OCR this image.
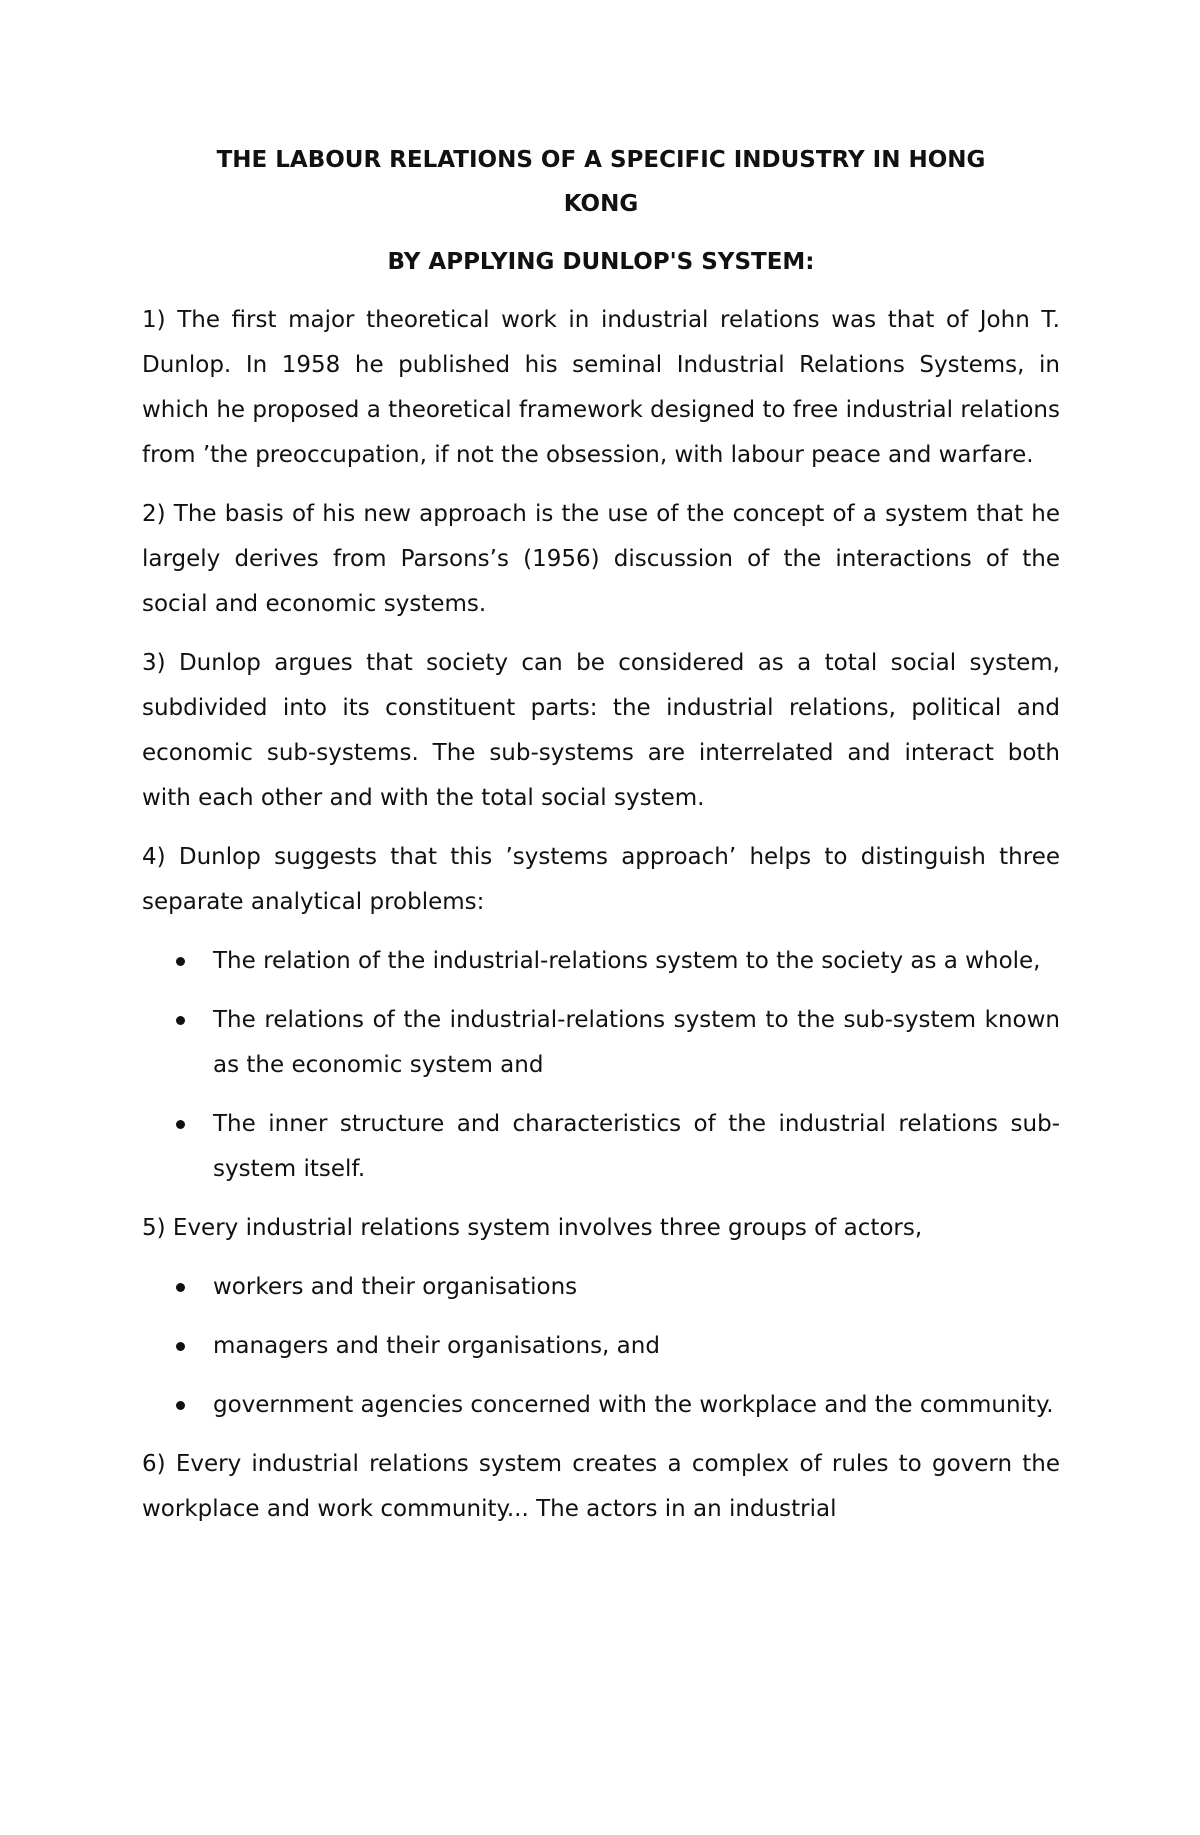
THE LABOUR RELATIONS OF A SPECIFIC INDUSTRY IN HONG
KONG

BY APPLYING DUNLOP'S SYSTEM:

1) The first major theoretical work in industrial relations was that of John T. Dunlop. In 1958 he published his seminal Industrial Relations Systems, in which he proposed a theoretical framework designed to free industrial relations from ’the preoccupation, if not the obsession, with labour peace and warfare.

2) The basis of his new approach is the use of the concept of a system that he largely derives from Parsons’s (1956) discussion of the interactions of the social and economic systems.

3) Dunlop argues that society can be considered as a total social system, subdivided into its constituent parts: the industrial relations, political and economic sub-systems. The sub-systems are interrelated and interact both with each other and with the total social system.

4) Dunlop suggests that this ’systems approach’ helps to distinguish three separate analytical problems:

The relation of the industrial-relations system to the society as a whole,
The relations of the industrial-relations system to the sub-system known as the economic system and
The inner structure and characteristics of the industrial relations sub-system itself.

5) Every industrial relations system involves three groups of actors,

workers and their organisations
managers and their organisations, and
government agencies concerned with the workplace and the community.

6) Every industrial relations system creates a complex of rules to govern the workplace and work community... The actors in an industrial
